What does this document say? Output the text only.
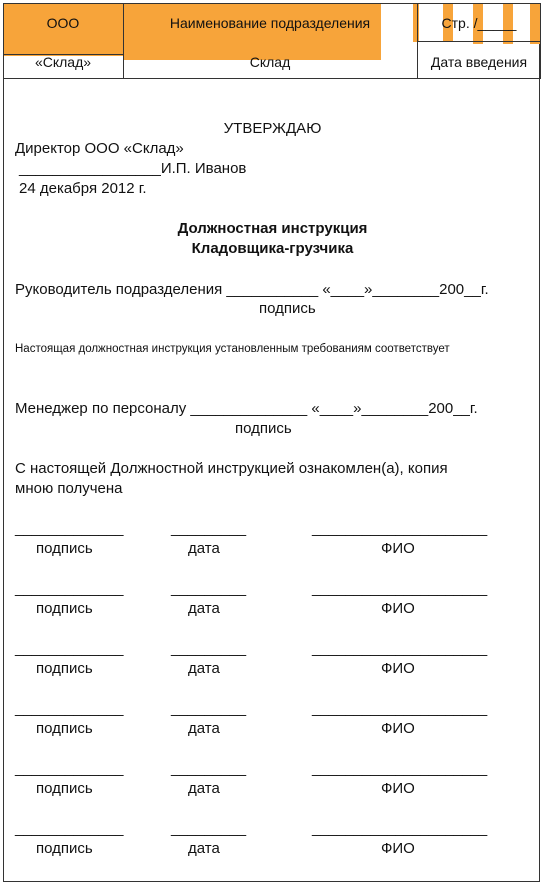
ООО	Наименование подразделения	Стр. /_____
«Склад»	Склад	Дата введения
УТВЕРЖДАЮ
Директор ООО «Склад»
_________________И.П. Иванов
24 декабря 2012 г.
Должностная инструкция
Кладовщика-грузчика
Руководитель подразделения ___________ «____»________200__г.
подпись
Настоящая должностная инструкция установленным требованиям соответствует
Менеджер по персоналу ______________ «____»________200__г.
подпись
С настоящей Должностной инструкцией ознакомлен(а), копия
мною получена
_____________	_________	_____________________
подпись	дата	ФИО
_____________	_________	_____________________
подпись	дата	ФИО
_____________	_________	_____________________
подпись	дата	ФИО
_____________	_________	_____________________
подпись	дата	ФИО
_____________	_________	_____________________
подпись	дата	ФИО
_____________	_________	_____________________
подпись	дата	ФИО
